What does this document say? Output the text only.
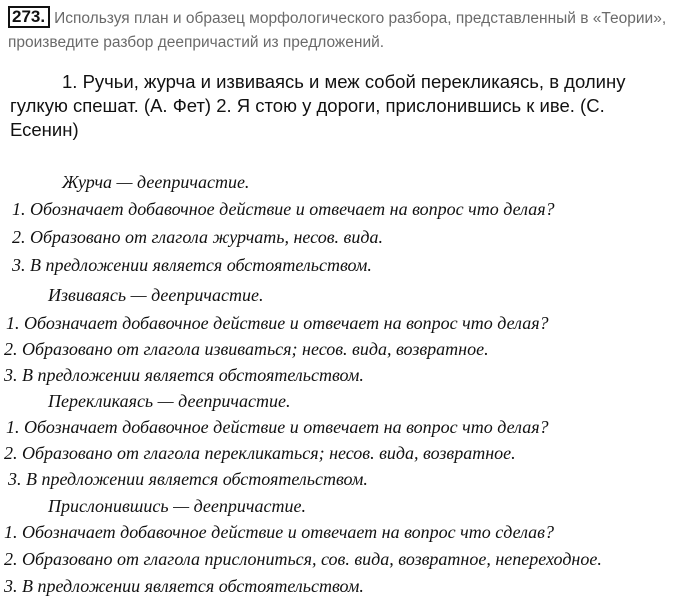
273. Используя план и образец морфологического разбора, представленный в «Теории», произведите разбор деепричастий из предложений.
1. Ручьи, журча и извиваясь и меж собой перекликаясь, в долину гулкую спешат. (А. Фет) 2. Я стою у дороги, прислонившись к иве. (С. Есенин)
Журча — деепричастие.
1. Обозначает добавочное действие и отвечает на вопрос что делая?
2. Образовано от глагола журчать, несов. вида.
3. В предложении является обстоятельством.
Извиваясь — деепричастие.
1. Обозначает добавочное действие и отвечает на вопрос что делая?
2. Образовано от глагола извиваться; несов. вида, возвратное.
3. В предложении является обстоятельством.
Перекликаясь — деепричастие.
1. Обозначает добавочное действие и отвечает на вопрос что делая?
2. Образовано от глагола перекликаться; несов. вида, возвратное.
3. В предложении является обстоятельством.
Прислонившись — деепричастие.
1. Обозначает добавочное действие и отвечает на вопрос что сделав?
2. Образовано от глагола прислониться, сов. вида, возвратное, непереходное.
3. В предложении является обстоятельством.
